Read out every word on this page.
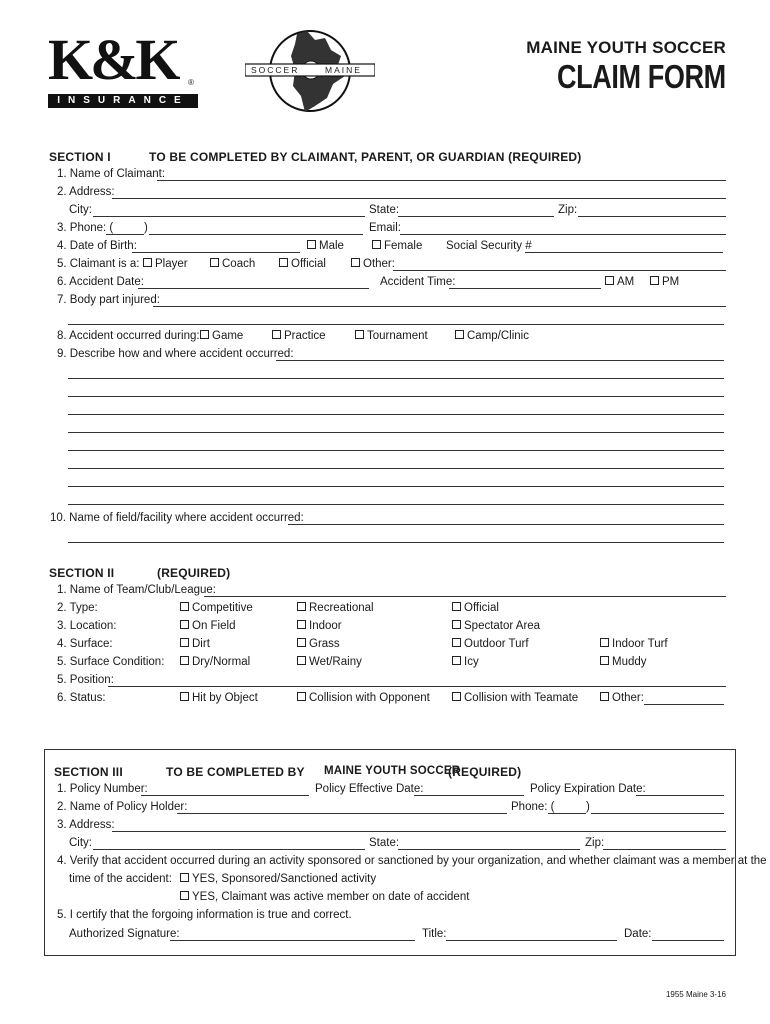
K&K ®
INSURANCE
SOCCER	MAINE
MAINE YOUTH SOCCER
CLAIM FORM
SECTION I	TO BE COMPLETED BY CLAIMANT, PARENT, OR GUARDIAN (REQUIRED)
1. Name of Claimant:
2. Address:
City:	State:	Zip:
3. Phone: (	)	Email:
4. Date of Birth:	Male	Female Social Security #
5. Claimant is a:	Player	Coach	Official	Other:
6. Accident Date:	Accident Time:	AM	PM
7. Body part injured:
8. Accident occurred during:	Game	Practice	Tournament	Camp/Clinic
9. Describe how and where accident occurred:
10. Name of field/facility where accident occurred:
SECTION II	(REQUIRED)
1. Name of Team/Club/League:
2. Type:	Competitive	Recreational	Official
3. Location:	On Field	Indoor	Spectator Area
4. Surface:	Dirt	Grass	Outdoor Turf	Indoor Turf
5. Surface Condition:	Dry/Normal	Wet/Rainy	Icy	Muddy
5. Position:
6. Status:	Hit by Object	Collision with Opponent	Collision with Teamate	Other:
SECTION III	TO BE COMPLETED BY MAINE YOUTH SOCCER
(REQUIRED)
1. Policy Number:	Policy Effective Date:	Policy Expiration Date:
2. Name of Policy Holder:	Phone: (	)
3. Address:
City:	State:	Zip:
4. Verify that accident occurred during an activity sponsored or sanctioned by your organization, and whether claimant was a member at the
time of the accident:	YES, Sponsored/Sanctioned activity
YES, Claimant was active member on date of accident
5. I certify that the forgoing information is true and correct.
Authorized Signature:	Title:	Date:
1955 Maine 3-16
